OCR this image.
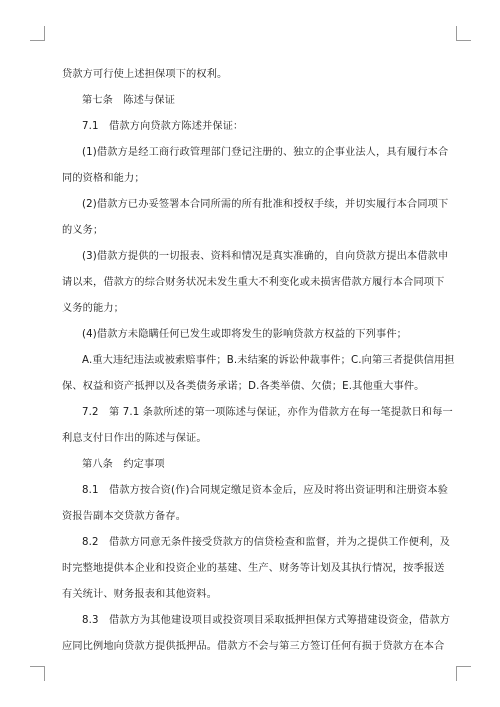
贷款方可行使上述担保项下的权利。
第七条　陈述与保证
7.1　借款方向贷款方陈述并保证：
(1)借款方是经工商行政管理部门登记注册的、独立的企事业法人，具有履行本合
同的资格和能力；
(2)借款方已办妥签署本合同所需的所有批准和授权手续，并切实履行本合同项下
的义务；
(3)借款方提供的一切报表、资料和情况是真实准确的，自向贷款方提出本借款申
请以来，借款方的综合财务状况未发生重大不利变化或未损害借款方履行本合同项下
义务的能力；
(4)借款方未隐瞒任何已发生或即将发生的影响贷款方权益的下列事件；
A.重大违纪违法或被索赔事件；B.未结案的诉讼仲裁事件；C.向第三者提供信用担
保、权益和资产抵押以及各类债务承诺；D.各类举债、欠债；E.其他重大事件。
7.2　第 7.1 条款所述的第一项陈述与保证，亦作为借款方在每一笔提款日和每一
利息支付日作出的陈述与保证。
第八条　约定事项
8.1　借款方按合资(作)合同规定缴足资本金后，应及时将出资证明和注册资本验
资报告副本交贷款方备存。
8.2　借款方同意无条件接受贷款方的信贷检查和监督，并为之提供工作便利，及
时完整地提供本企业和投资企业的基建、生产、财务等计划及其执行情况，按季报送
有关统计、财务报表和其他资料。
8.3　借款方为其他建设项目或投资项目采取抵押担保方式筹措建设资金，借款方
应同比例地向贷款方提供抵押品。借款方不会与第三方签订任何有损于贷款方在本合
